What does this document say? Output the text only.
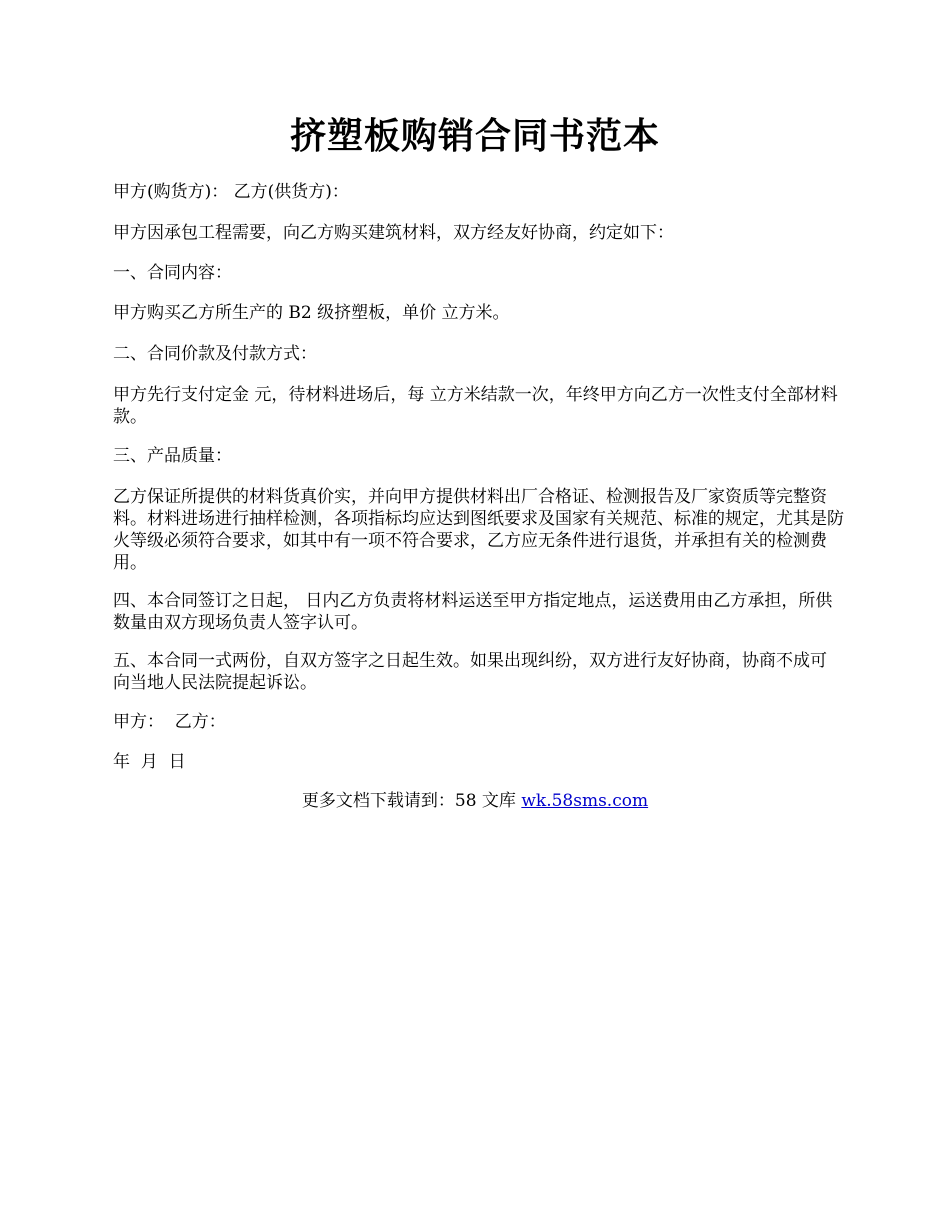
挤塑板购销合同书范本

甲方(购货方)： 乙方(供货方)：

甲方因承包工程需要，向乙方购买建筑材料，双方经友好协商，约定如下：

一、合同内容：

甲方购买乙方所生产的 B2 级挤塑板，单价 立方米。

二、合同价款及付款方式：

甲方先行支付定金 元，待材料进场后，每 立方米结款一次，年终甲方向乙方一次性支付全部材料款。

三、产品质量：

乙方保证所提供的材料货真价实，并向甲方提供材料出厂合格证、检测报告及厂家资质等完整资料。材料进场进行抽样检测，各项指标均应达到图纸要求及国家有关规范、标准的规定，尤其是防火等级必须符合要求，如其中有一项不符合要求，乙方应无条件进行退货，并承担有关的检测费用。

四、本合同签订之日起， 日内乙方负责将材料运送至甲方指定地点，运送费用由乙方承担，所供数量由双方现场负责人签字认可。

五、本合同一式两份，自双方签字之日起生效。如果出现纠纷，双方进行友好协商，协商不成可向当地人民法院提起诉讼。

甲方：  乙方：

年  月  日

更多文档下载请到：58 文库 wk.58sms.com
